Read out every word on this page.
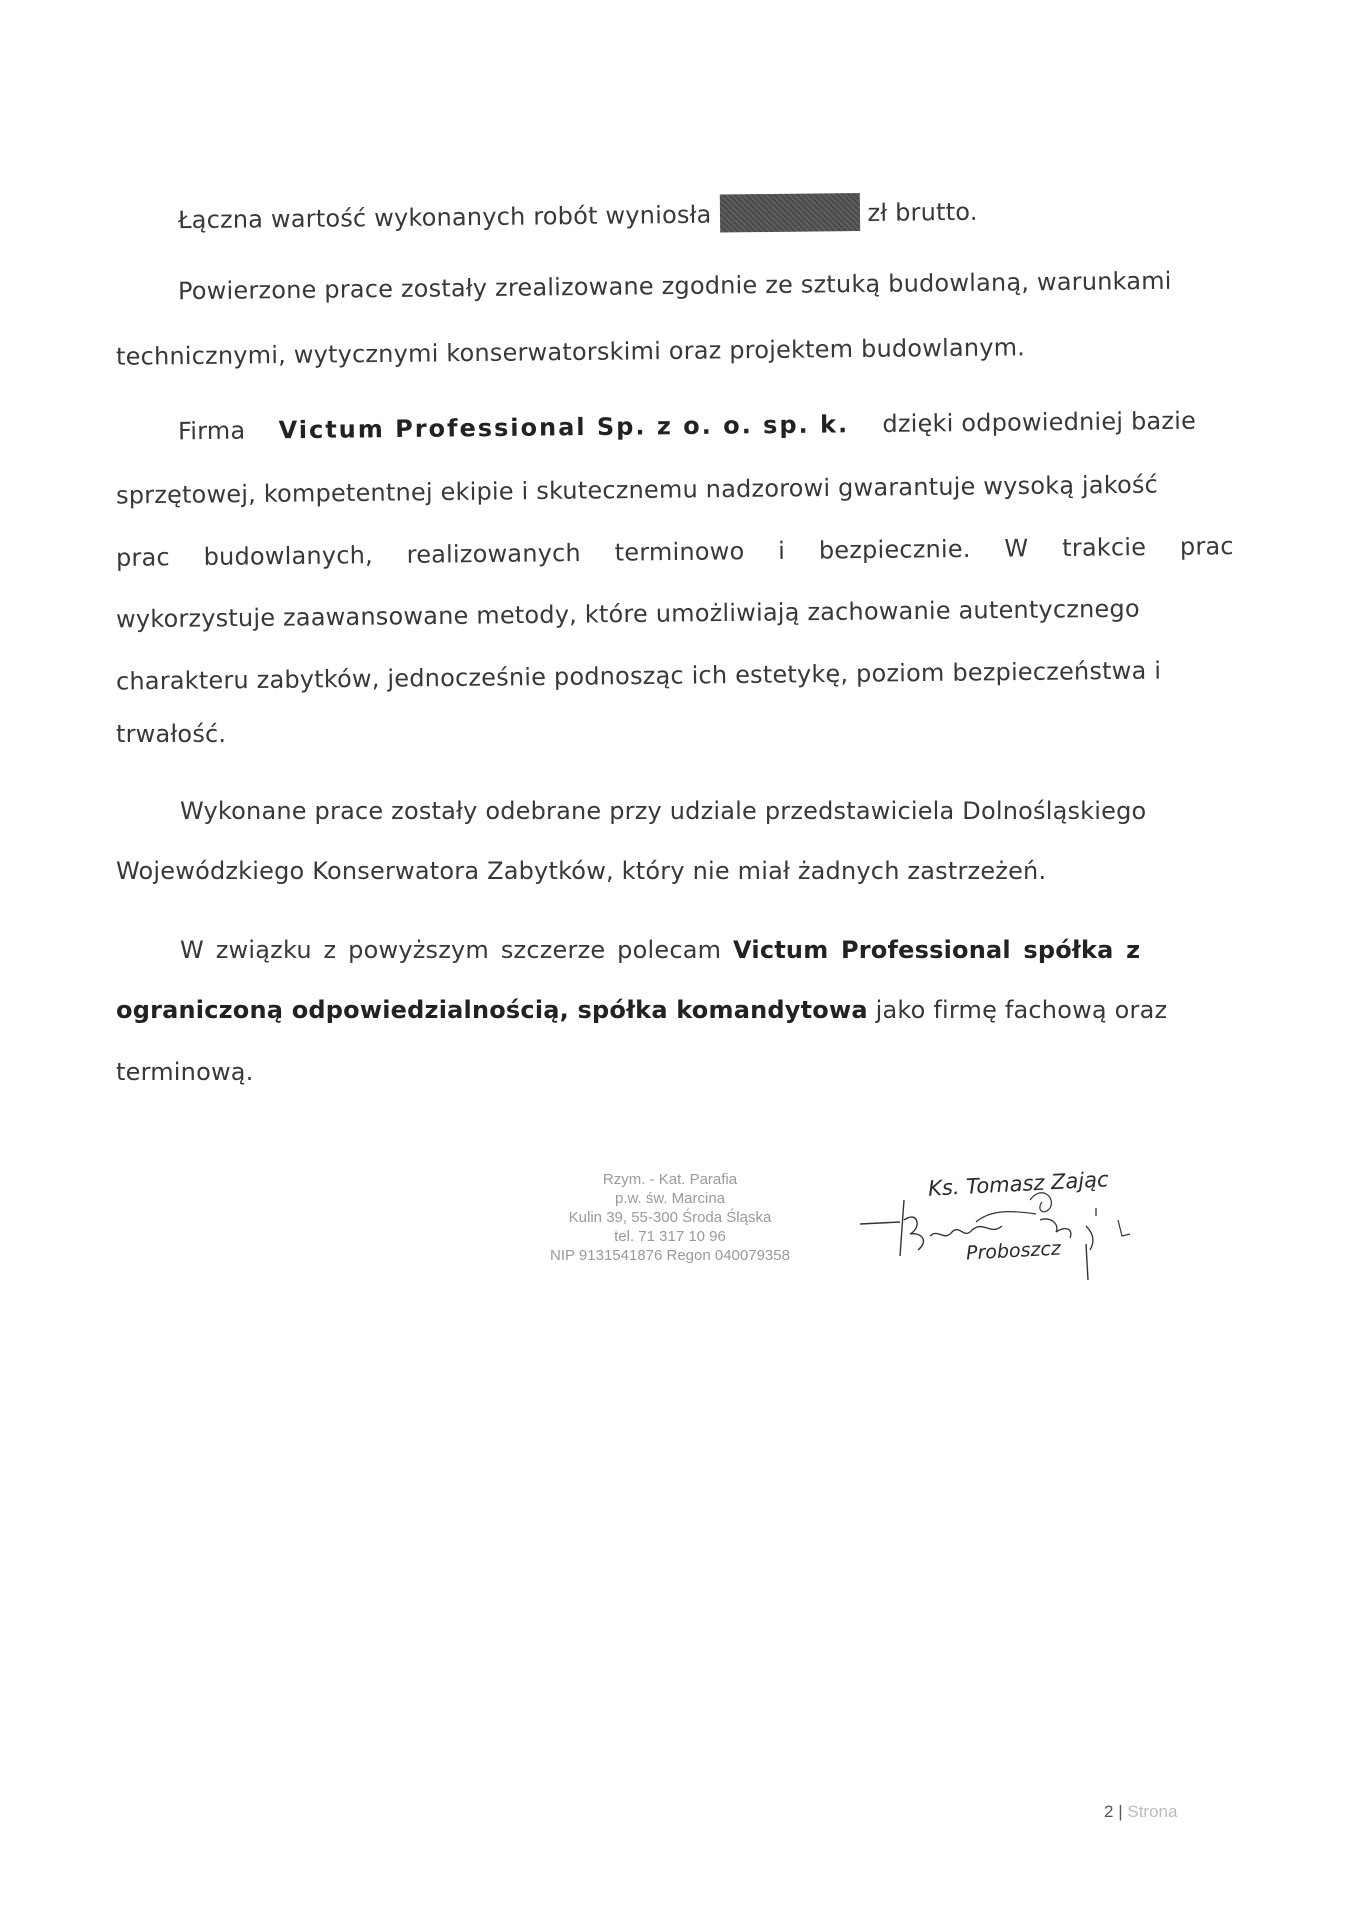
Łączna wartość wykonanych robót wyniosła	zł brutto.
Powierzone prace zostały zrealizowane zgodnie ze sztuką budowlaną, warunkami
technicznymi, wytycznymi konserwatorskimi oraz projektem budowlanym.
Firma Victum Professional Sp. z o. o. sp. k. dzięki odpowiedniej bazie
sprzętowej, kompetentnej ekipie i skutecznemu nadzorowi gwarantuje wysoką jakość
prac budowlanych, realizowanych terminowo i bezpiecznie. W trakcie prac
wykorzystuje zaawansowane metody, które umożliwiają zachowanie autentycznego
charakteru zabytków, jednocześnie podnosząc ich estetykę, poziom bezpieczeństwa i
trwałość.
Wykonane prace zostały odebrane przy udziale przedstawiciela Dolnośląskiego
Wojewódzkiego Konserwatora Zabytków, który nie miał żadnych zastrzeżeń.
W związku z powyższym szczerze polecam Victum Professional spółka z
ograniczoną odpowiedzialnością, spółka komandytowa jako firmę fachową oraz
terminową.
Rzym. - Kat. Parafia
p.w. św. Marcina
Kulin 39, 55-300 Środa Śląska
tel. 71 317 10 96
NIP 9131541876 Regon 040079358
Ks. Tomasz Zając
Proboszcz
2 | Strona
